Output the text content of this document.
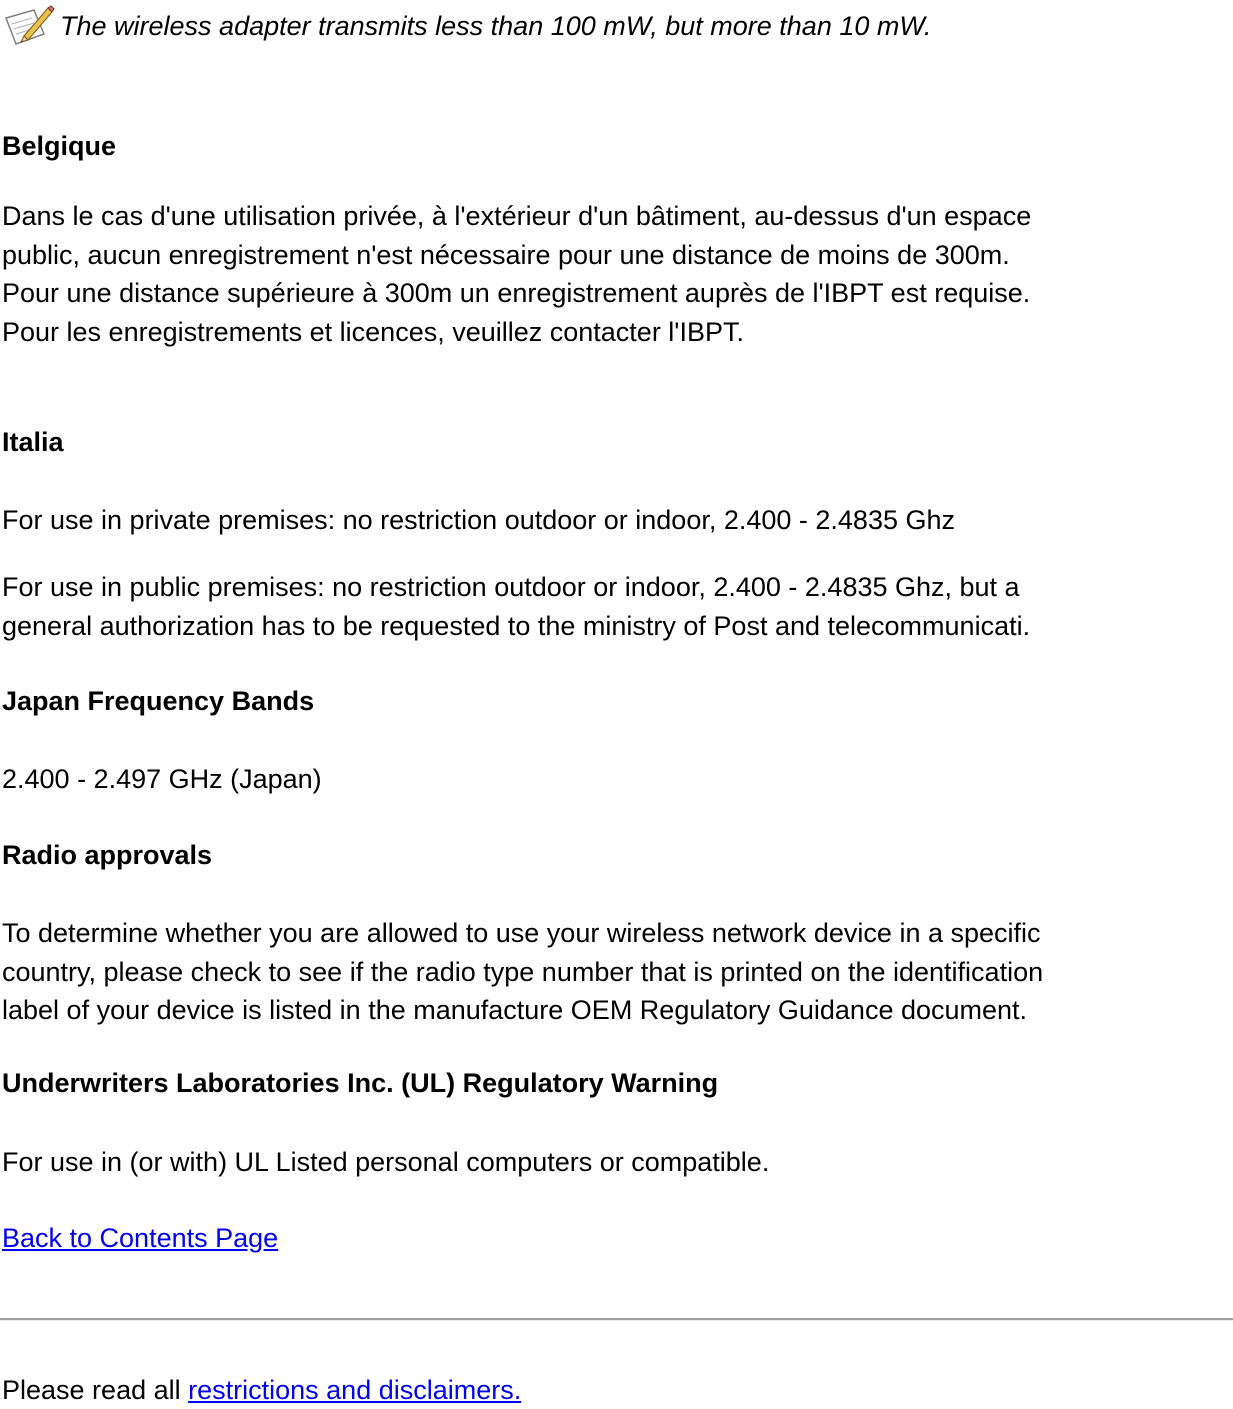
The wireless adapter transmits less than 100 mW, but more than 10 mW.
Belgique
Dans le cas d'une utilisation privée, à l'extérieur d'un bâtiment, au-dessus d'un espace
public, aucun enregistrement n'est nécessaire pour une distance de moins de 300m.
Pour une distance supérieure à 300m un enregistrement auprès de l'IBPT est requise.
Pour les enregistrements et licences, veuillez contacter l'IBPT.
Italia
For use in private premises: no restriction outdoor or indoor, 2.400 - 2.4835 Ghz
For use in public premises: no restriction outdoor or indoor, 2.400 - 2.4835 Ghz, but a
general authorization has to be requested to the ministry of Post and telecommunicati.
Japan Frequency Bands
2.400 - 2.497 GHz (Japan)
Radio approvals
To determine whether you are allowed to use your wireless network device in a specific
country, please check to see if the radio type number that is printed on the identification
label of your device is listed in the manufacture OEM Regulatory Guidance document.
Underwriters Laboratories Inc. (UL) Regulatory Warning
For use in (or with) UL Listed personal computers or compatible.
Back to Contents Page
Please read all restrictions and disclaimers.
